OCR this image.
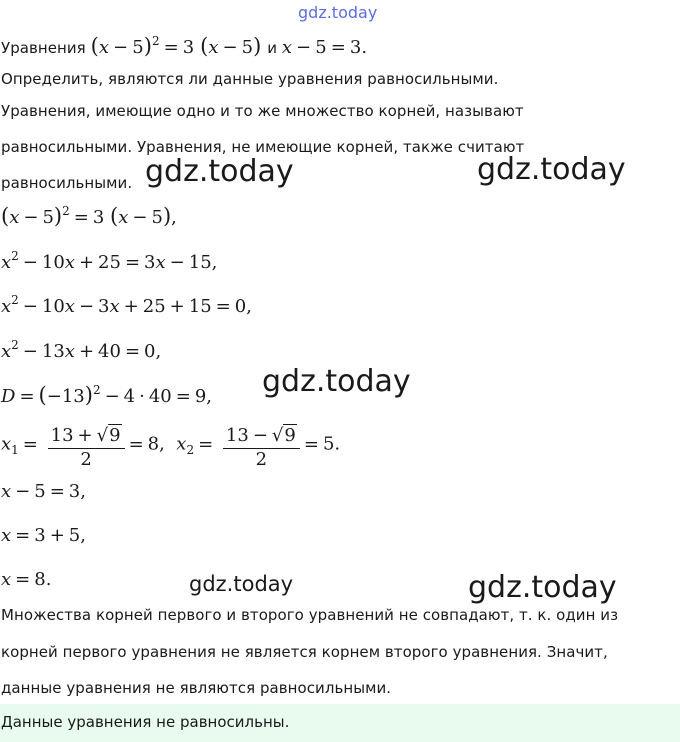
gdz.today
Уравнения $(x - 5)^2 = 3$ (x − 5) и x − 5 = 3.
Определить, являются ли данные уравнения равносильными.
Уравнения, имеющие одно и то же множество корней, называют
равносильными. Уравнения, не имеющие корней, также считают
равносильными. gdz.today	gdz.today
$(x - 5)^2 = 3$ (x − 5),
$x^2 - 10x + 25 = 3x - 15$,
$x^2 - 10x - 3x + 25 + 15 = 0$,
$x^2 - 13x + 40 = 0$,
$D = (-13)^2 - 4 \cdot 40 = 9$, gdz.today
$x_1 = \frac{13 + √9}{2} = 8$,  $x_2 = \frac{13 - √9}{2} = 5$.
x − 5 = 3,
x = 3 + 5,
x = 8.	gdz.today	gdz.today
Множества корней первого и второго уравнений не совпадают, т. к. один из
корней первого уравнения не является корнем второго уравнения. Значит,
данные уравнения не являются равносильными.
Данные уравнения не равносильны.
